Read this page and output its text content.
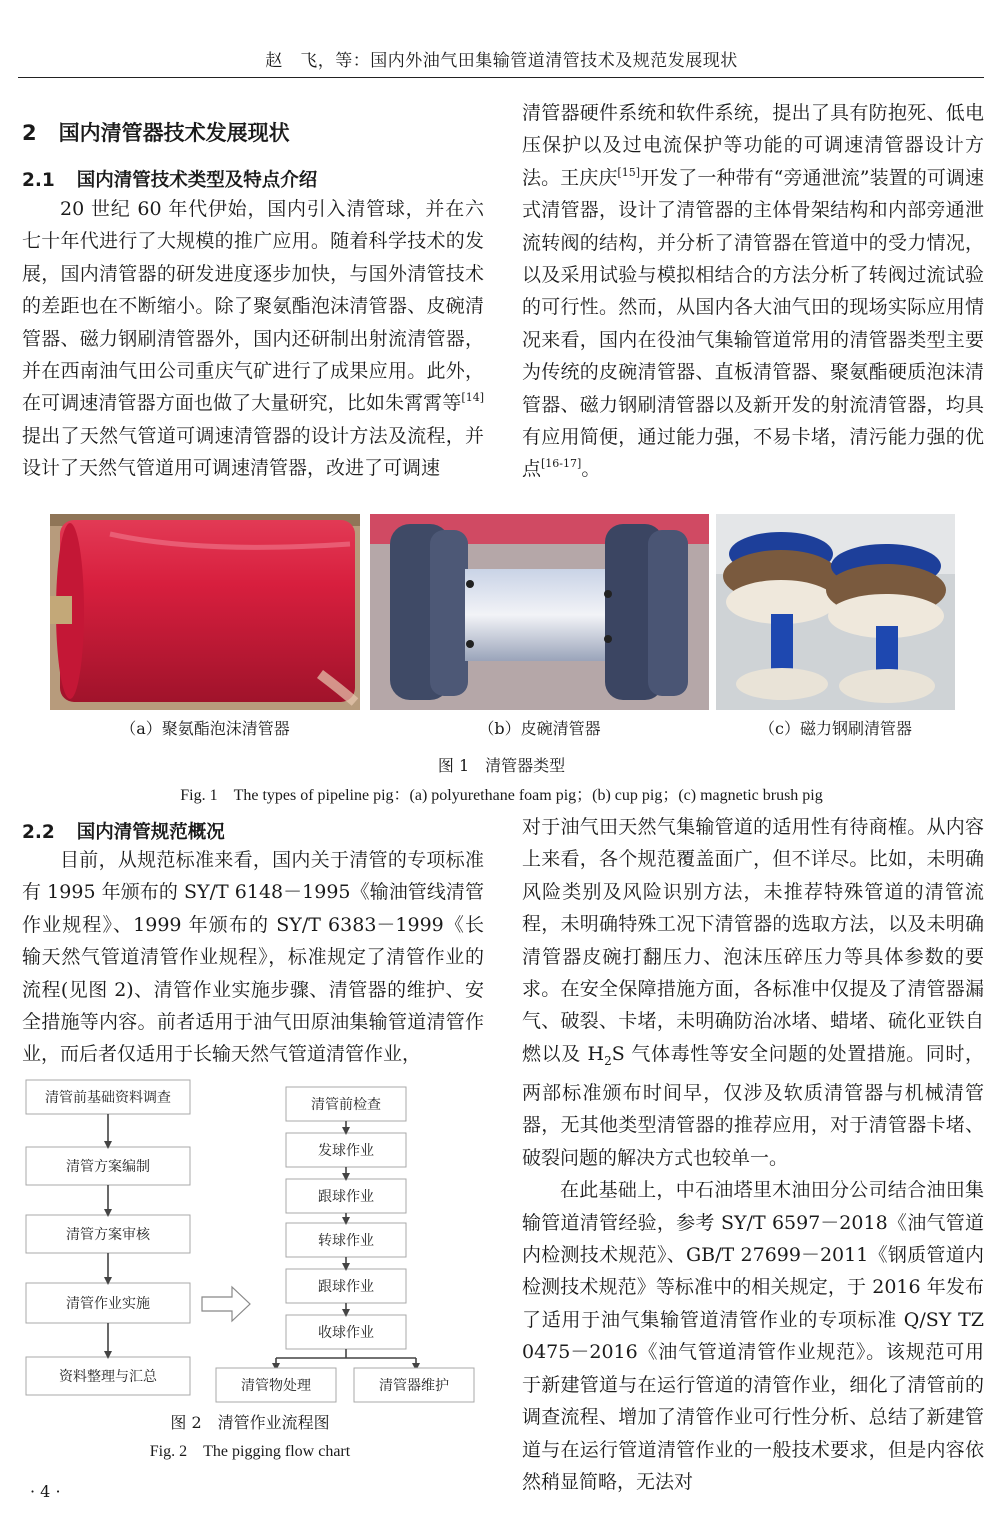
赵　飞，等：国内外油气田集输管道清管技术及规范发展现状
2 国内清管器技术发展现状
2.1 国内清管技术类型及特点介绍

20 世纪 60 年代伊始，国内引入清管球，并在六七十年代进行了大规模的推广应用。随着科学技术的发展，国内清管器的研发进度逐步加快，与国外清管技术的差距也在不断缩小。除了聚氨酯泡沫清管器、皮碗清管器、磁力钢刷清管器外，国内还研制出射流清管器，并在西南油气田公司重庆气矿进行了成果应用。此外，在可调速清管器方面也做了大量研究，比如朱霄霄等[14]提出了天然气管道可调速清管器的设计方法及流程，并设计了天然气管道用可调速清管器，改进了可调速

清管器硬件系统和软件系统，提出了具有防抱死、低电压保护以及过电流保护等功能的可调速清管器设计方法。王庆庆[15]开发了一种带有“旁通泄流”装置的可调速式清管器，设计了清管器的主体骨架结构和内部旁通泄流转阀的结构，并分析了清管器在管道中的受力情况，以及采用试验与模拟相结合的方法分析了转阀过流试验的可行性。然而，从国内各大油气田的现场实际应用情况来看，国内在役油气集输管道常用的清管器类型主要为传统的皮碗清管器、直板清管器、聚氨酯硬质泡沫清管器、磁力钢刷清管器以及新开发的射流清管器，均具有应用简便，通过能力强，不易卡堵，清污能力强的优点[16-17]。

（a）聚氨酯泡沫清管器	（b）皮碗清管器	（c）磁力钢刷清管器
图 1　清管器类型
Fig. 1　The types of pipeline pig：(a) polyurethane foam pig；(b) cup pig；(c) magnetic brush pig
2.2 国内清管规范概况

目前，从规范标准来看，国内关于清管的专项标准有 1995 年颁布的 SY/T 6148－1995《输油管线清管作业规程》、1999 年颁布的 SY/T 6383－1999《长输天然气管道清管作业规程》，标准规定了清管作业的流程(见图 2)、清管作业实施步骤、清管器的维护、安全措施等内容。前者适用于油气田原油集输管道清管作业，而后者仅适用于长输天然气管道清管作业，

清管前基础资料调查
清管方案编制
清管方案审核
清管作业实施
资料整理与汇总
清管前检查
发球作业
跟球作业
转球作业
跟球作业
收球作业
清管物处理	清管器维护
图 2　清管作业流程图
Fig. 2　The pigging flow chart

对于油气田天然气集输管道的适用性有待商榷。从内容上来看，各个规范覆盖面广，但不详尽。比如，未明确风险类别及风险识别方法，未推荐特殊管道的清管流程，未明确特殊工况下清管器的选取方法，以及未明确清管器皮碗打翻压力、泡沫压碎压力等具体参数的要求。在安全保障措施方面，各标准中仅提及了清管器漏气、破裂、卡堵，未明确防治冰堵、蜡堵、硫化亚铁自燃以及 $H_2S$ 气体毒性等安全问题的处置措施。同时，两部标准颁布时间早，仅涉及软质清管器与机械清管器，无其他类型清管器的推荐应用，对于清管器卡堵、破裂问题的解决方式也较单一。

在此基础上，中石油塔里木油田分公司结合油田集输管道清管经验，参考 SY/T 6597－2018《油气管道内检测技术规范》、GB/T 27699－2011《钢质管道内检测技术规范》等标准中的相关规定，于 2016 年发布了适用于油气集输管道清管作业的专项标准 Q/SY TZ 0475－2016《油气管道清管作业规范》。该规范可用于新建管道与在运行管道的清管作业，细化了清管前的调查流程、增加了清管作业可行性分析、总结了新建管道与在运行管道清管作业的一般技术要求，但是内容依然稍显简略，无法对

· 4 ·
